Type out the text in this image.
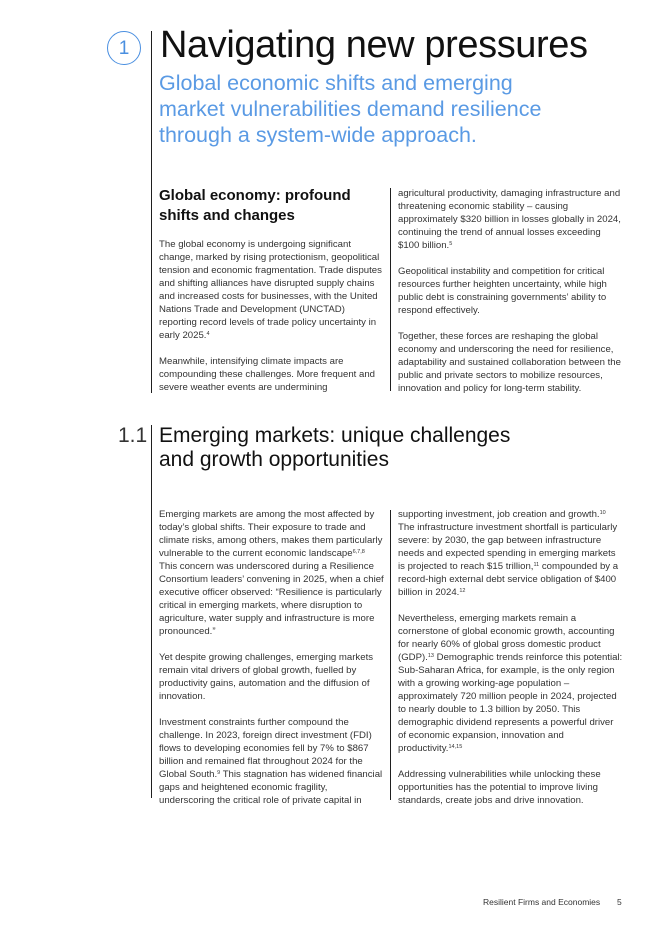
1 Navigating new pressures
Global economic shifts and emerging market vulnerabilities demand resilience through a system-wide approach.
Global economy: profound shifts and changes

The global economy is undergoing significant change, marked by rising protectionism, geopolitical tension and economic fragmentation. Trade disputes and shifting alliances have disrupted supply chains and increased costs for businesses, with the United Nations Trade and Development (UNCTAD) reporting record levels of trade policy uncertainty in early 2025.$^4$

Meanwhile, intensifying climate impacts are compounding these challenges. More frequent and severe weather events are undermining

agricultural productivity, damaging infrastructure and threatening economic stability – causing approximately $320 billion in losses globally in 2024, continuing the trend of annual losses exceeding $100 billion.$^5$

Geopolitical instability and competition for critical resources further heighten uncertainty, while high public debt is constraining governments’ ability to respond effectively.

Together, these forces are reshaping the global economy and underscoring the need for resilience, adaptability and sustained collaboration between the public and private sectors to mobilize resources, innovation and policy for long-term stability.

1.1 Emerging markets: unique challenges
and growth opportunities

Emerging markets are among the most affected by today’s global shifts. Their exposure to trade and climate risks, among others, makes them particularly vulnerable to the current economic landscape$^{6,7,8}$ This concern was underscored during a Resilience Consortium leaders’ convening in 2025, when a chief executive officer observed: “Resilience is particularly critical in emerging markets, where disruption to agriculture, water supply and infrastructure is more pronounced.”

Yet despite growing challenges, emerging markets remain vital drivers of global growth, fuelled by productivity gains, automation and the diffusion of innovation.

Investment constraints further compound the challenge. In 2023, foreign direct investment (FDI) flows to developing economies fell by 7% to $867 billion and remained flat throughout 2024 for the Global South.$^9$ This stagnation has widened financial gaps and heightened economic fragility, underscoring the critical role of private capital in

supporting investment, job creation and growth.$^{10}$ The infrastructure investment shortfall is particularly severe: by 2030, the gap between infrastructure needs and expected spending in emerging markets is projected to reach $15 trillion,$^{11}$ compounded by a record-high external debt service obligation of $400 billion in 2024.12

Nevertheless, emerging markets remain a cornerstone of global economic growth, accounting for nearly 60% of global gross domestic product (GDP).$^{13}$ Demographic trends reinforce this potential: Sub-Saharan Africa, for example, is the only region with a growing working-age population – approximately 720 million people in 2024, projected to nearly double to 1.3 billion by 2050. This demographic dividend represents a powerful driver of economic expansion, innovation and productivity.$^{14,15}$

Addressing vulnerabilities while unlocking these opportunities has the potential to improve living standards, create jobs and drive innovation.

Resilient Firms and Economies 5
